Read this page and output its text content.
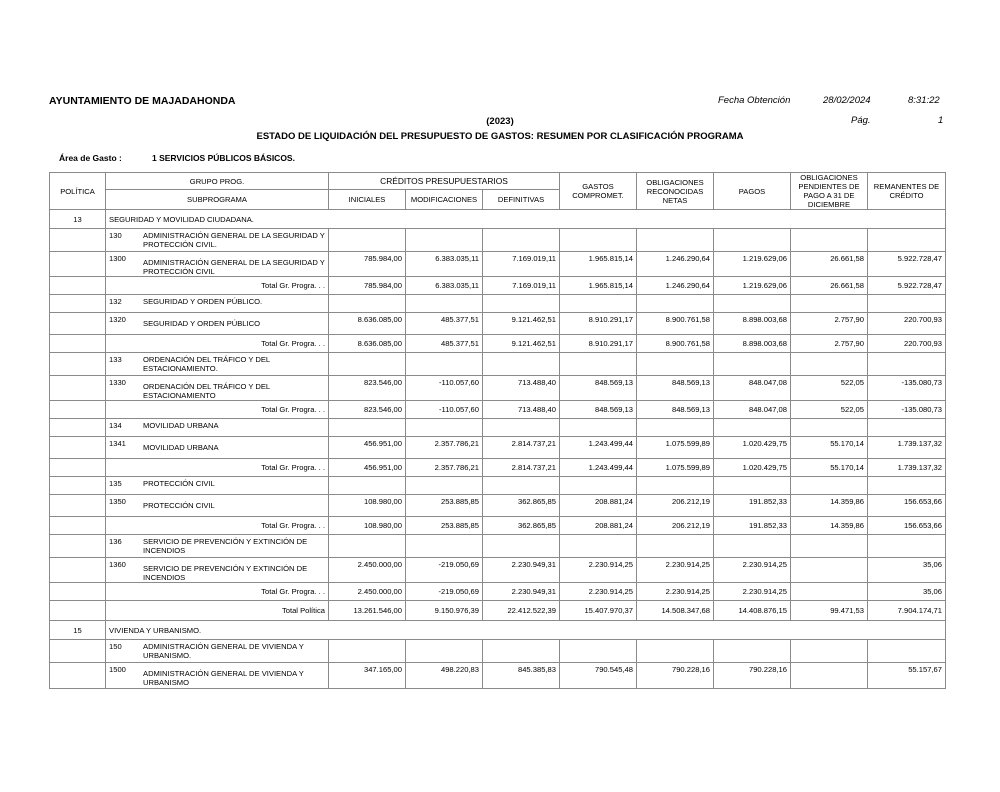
AYUNTAMIENTO DE MAJADAHONDA	Fecha Obtención	28/02/2024	8:31:22
Pág.	1
(2023)
ESTADO DE LIQUIDACIÓN DEL PRESUPUESTO DE GASTOS: RESUMEN POR CLASIFICACIÓN PROGRAMA
Área de Gasto :	1 SERVICIOS PÚBLICOS BÁSICOS.
POLÍTICA	GRUPO PROG.	CRÉDITOS PRESUPUESTARIOS			GASTOS COMPROMET.	OBLIGACIONES RECONOCIDAS NETAS	PAGOS	OBLIGACIONES PENDIENTES DE PAGO A 31 DE DICIEMBRE	REMANENTES DE CRÉDITO
	SUBPROGRAMA	INICIALES	MODIFICACIONES	DEFINITIVAS					
13	SEGURIDAD Y MOVILIDAD CIUDADANA.								

	130 ADMINISTRACIÓN GENERAL DE LA SEGURIDAD Y PROTECCIÓN CIVIL.								

	1300 ADMINISTRACIÓN GENERAL DE LA SEGURIDAD Y PROTECCIÓN CIVIL	785.984,00	6.383.035,11	7.169.019,11	1.965.815,14	1.246.290,64	1.219.629,06	26.661,58	5.922.728,47
	Total Gr. Progra. . .	785.984,00	6.383.035,11	7.169.019,11	1.965.815,14	1.246.290,64	1.219.629,06	26.661,58	5.922.728,47

	132 SEGURIDAD Y ORDEN PÚBLICO.								

	1320 SEGURIDAD Y ORDEN PÚBLICO	8.636.085,00	485.377,51	9.121.462,51	8.910.291,17	8.900.761,58	8.898.003,68	2.757,90	220.700,93
	Total Gr. Progra. . .	8.636.085,00	485.377,51	9.121.462,51	8.910.291,17	8.900.761,58	8.898.003,68	2.757,90	220.700,93

	133 ORDENACIÓN DEL TRÁFICO Y DEL ESTACIONAMIENTO.								

	1330 ORDENACIÓN DEL TRÁFICO Y DEL ESTACIONAMIENTO	823.546,00	-110.057,60	713.488,40	848.569,13	848.569,13	848.047,08	522,05	-135.080,73
	Total Gr. Progra. . .	823.546,00	-110.057,60	713.488,40	848.569,13	848.569,13	848.047,08	522,05	-135.080,73

	134 MOVILIDAD URBANA								

	1341 MOVILIDAD URBANA	456.951,00	2.357.786,21	2.814.737,21	1.243.499,44	1.075.599,89	1.020.429,75	55.170,14	1.739.137,32
	Total Gr. Progra. . .	456.951,00	2.357.786,21	2.814.737,21	1.243.499,44	1.075.599,89	1.020.429,75	55.170,14	1.739.137,32

	135 PROTECCIÓN CIVIL								

	1350 PROTECCIÓN CIVIL	108.980,00	253.885,85	362.865,85	208.881,24	206.212,19	191.852,33	14.359,86	156.653,66
	Total Gr. Progra. . .	108.980,00	253.885,85	362.865,85	208.881,24	206.212,19	191.852,33	14.359,86	156.653,66

	136 SERVICIO DE PREVENCIÓN Y EXTINCIÓN DE INCENDIOS								

	1360 SERVICIO DE PREVENCIÓN Y EXTINCIÓN DE INCENDIOS	2.450.000,00	-219.050,69	2.230.949,31	2.230.914,25	2.230.914,25	2.230.914,25		35,06
	Total Gr. Progra. . .	2.450.000,00	-219.050,69	2.230.949,31	2.230.914,25	2.230.914,25	2.230.914,25		35,06
	Total Política	13.261.546,00	9.150.976,39	22.412.522,39	15.407.970,37	14.508.347,68	14.408.876,15	99.471,53	7.904.174,71
15	VIVIENDA Y URBANISMO.								

	150 ADMINISTRACIÓN GENERAL DE VIVIENDA Y URBANISMO.								

	1500 ADMINISTRACIÓN GENERAL DE VIVIENDA Y URBANISMO	347.165,00	498.220,83	845.385,83	790.545,48	790.228,16	790.228,16		55.157,67
